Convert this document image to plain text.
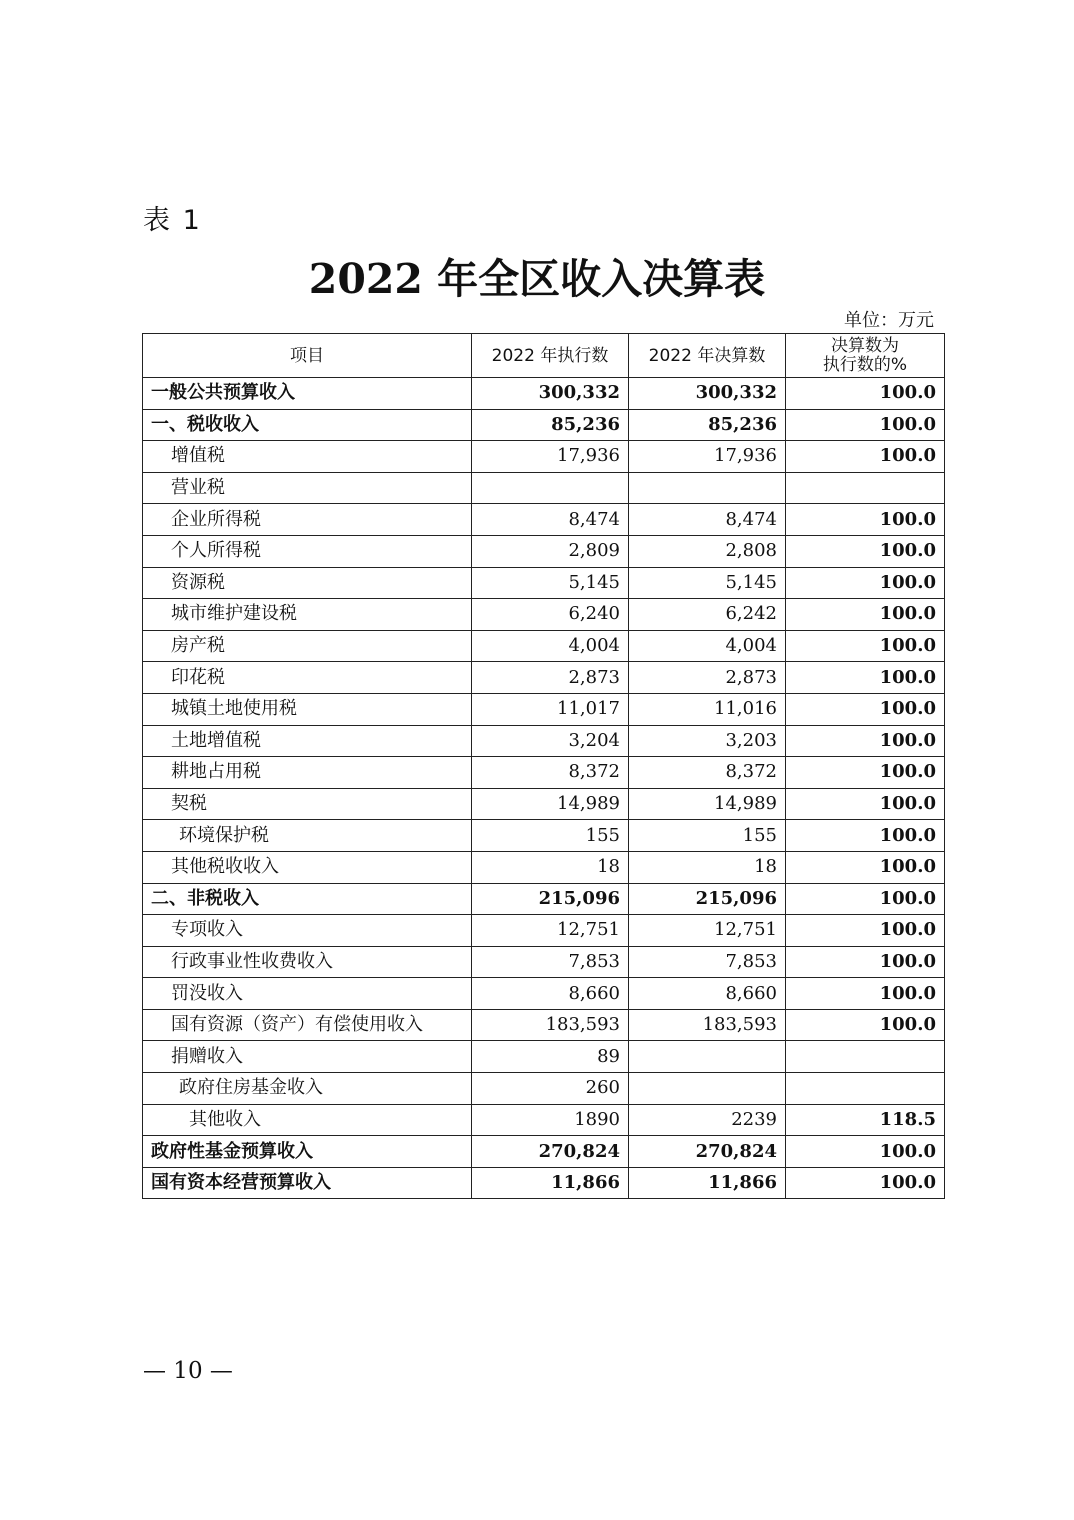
表 1
2022 年全区收入决算表
单位：万元
项目	2022 年执行数	2022 年决算数	决算数为
执行数的%

一般公共预算收入	300,332	300,332	100.0
一、税收收入	85,236	85,236	100.0
增值税	17,936	17,936	100.0
营业税			
企业所得税	8,474	8,474	100.0
个人所得税	2,809	2,808	100.0
资源税	5,145	5,145	100.0
城市维护建设税	6,240	6,242	100.0
房产税	4,004	4,004	100.0
印花税	2,873	2,873	100.0
城镇土地使用税	11,017	11,016	100.0
土地增值税	3,204	3,203	100.0
耕地占用税	8,372	8,372	100.0
契税	14,989	14,989	100.0
环境保护税	155	155	100.0
其他税收收入	18	18	100.0
二、非税收入	215,096	215,096	100.0
专项收入	12,751	12,751	100.0
行政事业性收费收入	7,853	7,853	100.0
罚没收入	8,660	8,660	100.0
国有资源（资产）有偿使用收入	183,593	183,593	100.0
捐赠收入	89		
政府住房基金收入	260		
其他收入	1890	2239	118.5
政府性基金预算收入	270,824	270,824	100.0
国有资本经营预算收入	11,866	11,866	100.0
— 10 —
